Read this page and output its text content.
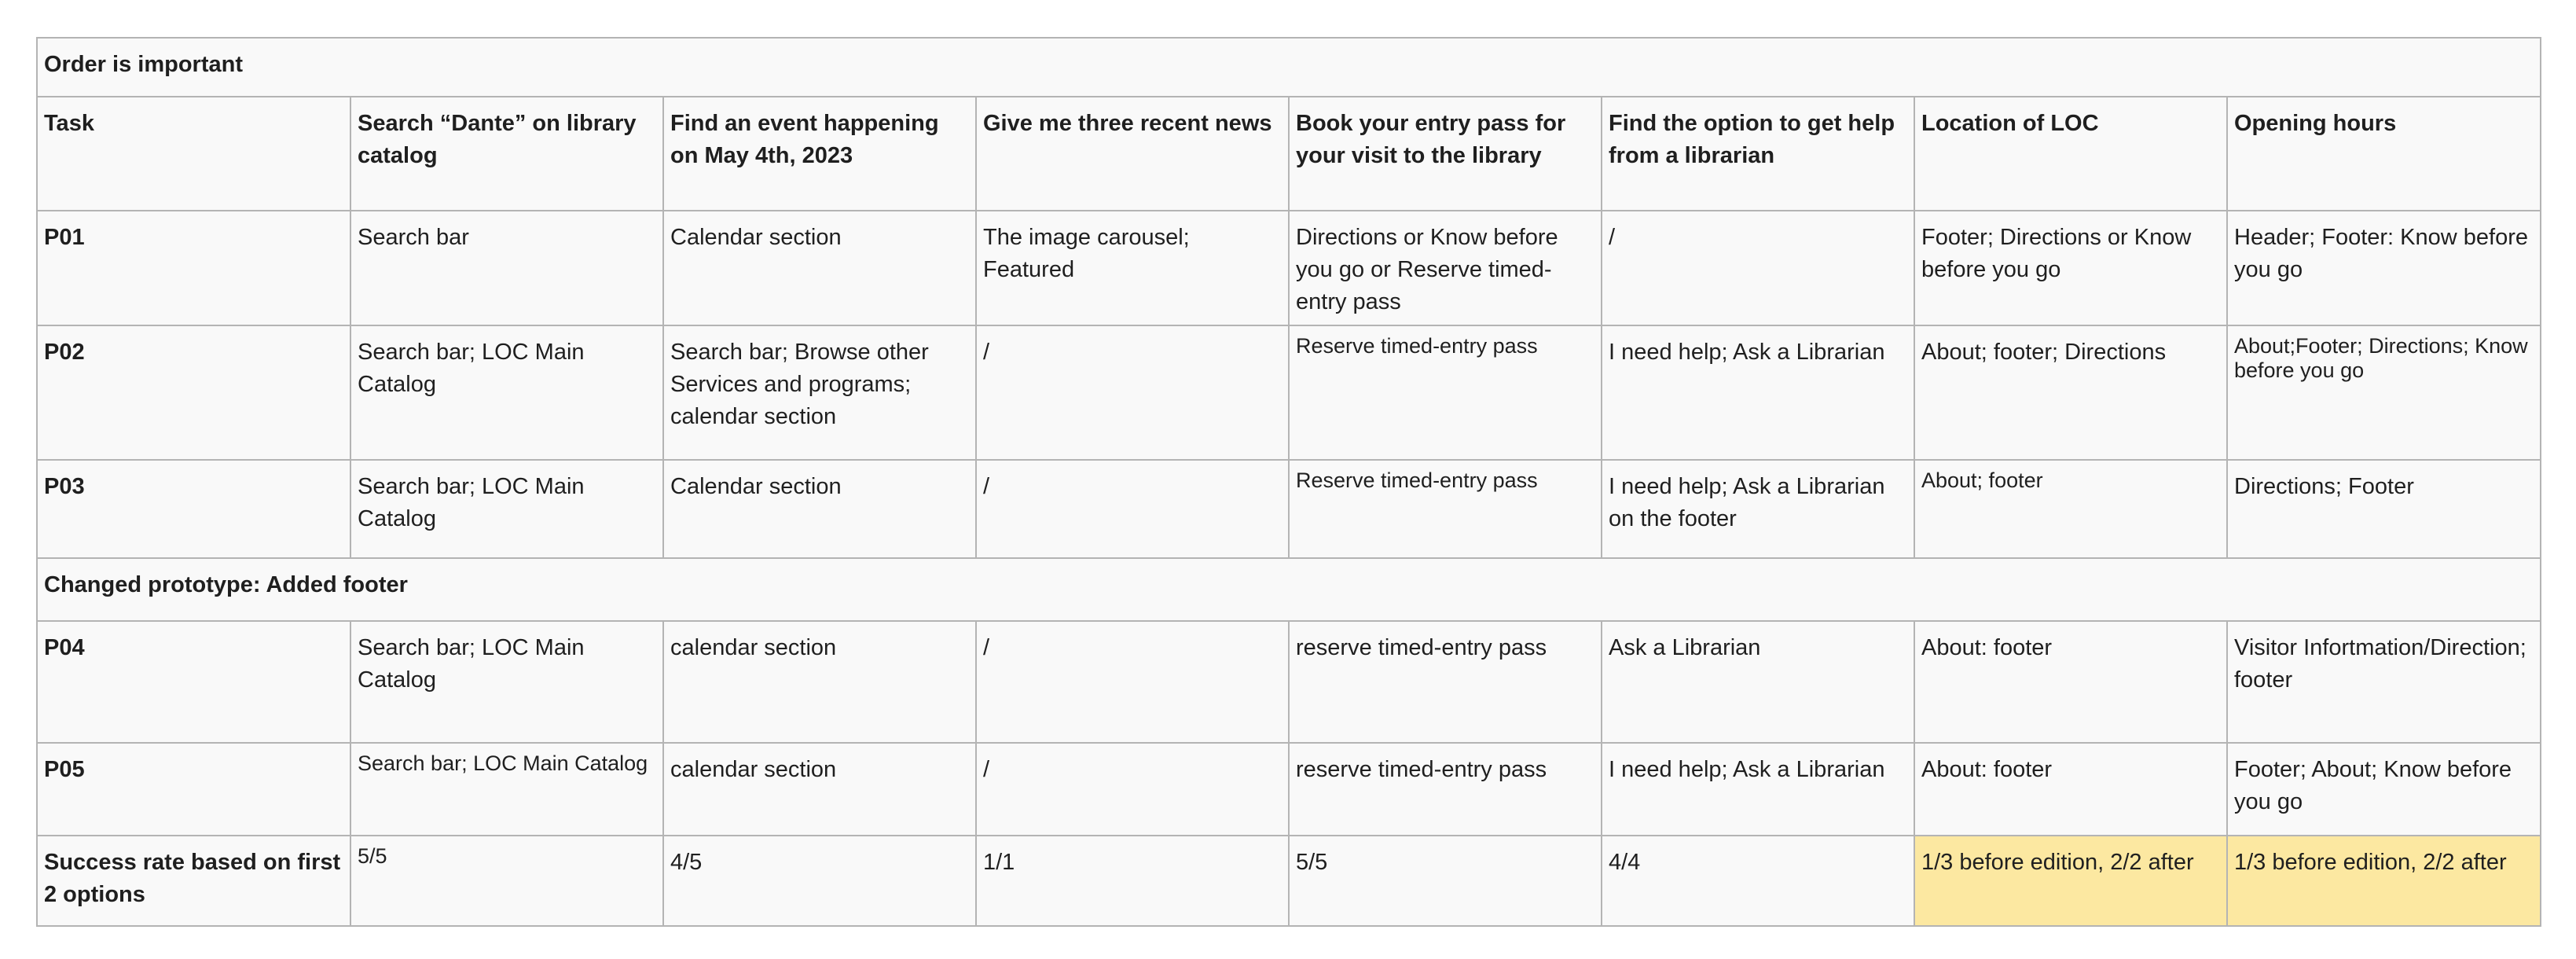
Order is important							
Task	Search “Dante” on library catalog	Find an event happening on May 4th, 2023	Give me three recent news	Book your entry pass for your visit to the library	Find the option to get help from a librarian	Location of LOC	Opening hours
P01	Search bar	Calendar section	The image carousel; Featured	Directions or Know before you go or Reserve timed-entry pass	/	Footer; Directions or Know before you go	Header; Footer: Know before you go
P02	Search bar; LOC Main Catalog	Search bar; Browse other Services and programs; calendar section	/	Reserve timed-entry pass	I need help; Ask a Librarian	About; footer; Directions	About;Footer; Directions; Know before you go
P03	Search bar; LOC Main Catalog	Calendar section	/	Reserve timed-entry pass	I need help; Ask a Librarian on the footer	About; footer	Directions; Footer
Changed prototype: Added footer							
P04	Search bar; LOC Main Catalog	calendar section	/	reserve timed-entry pass	Ask a Librarian	About: footer	Visitor Infortmation/Direction; footer
P05	Search bar; LOC Main Catalog	calendar section	/	reserve timed-entry pass	I need help; Ask a Librarian	About: footer	Footer; About; Know before you go
Success rate based on first 2 options	5/5	4/5	1/1	5/5	4/4	1/3 before edition, 2/2 after	1/3 before edition, 2/2 after
